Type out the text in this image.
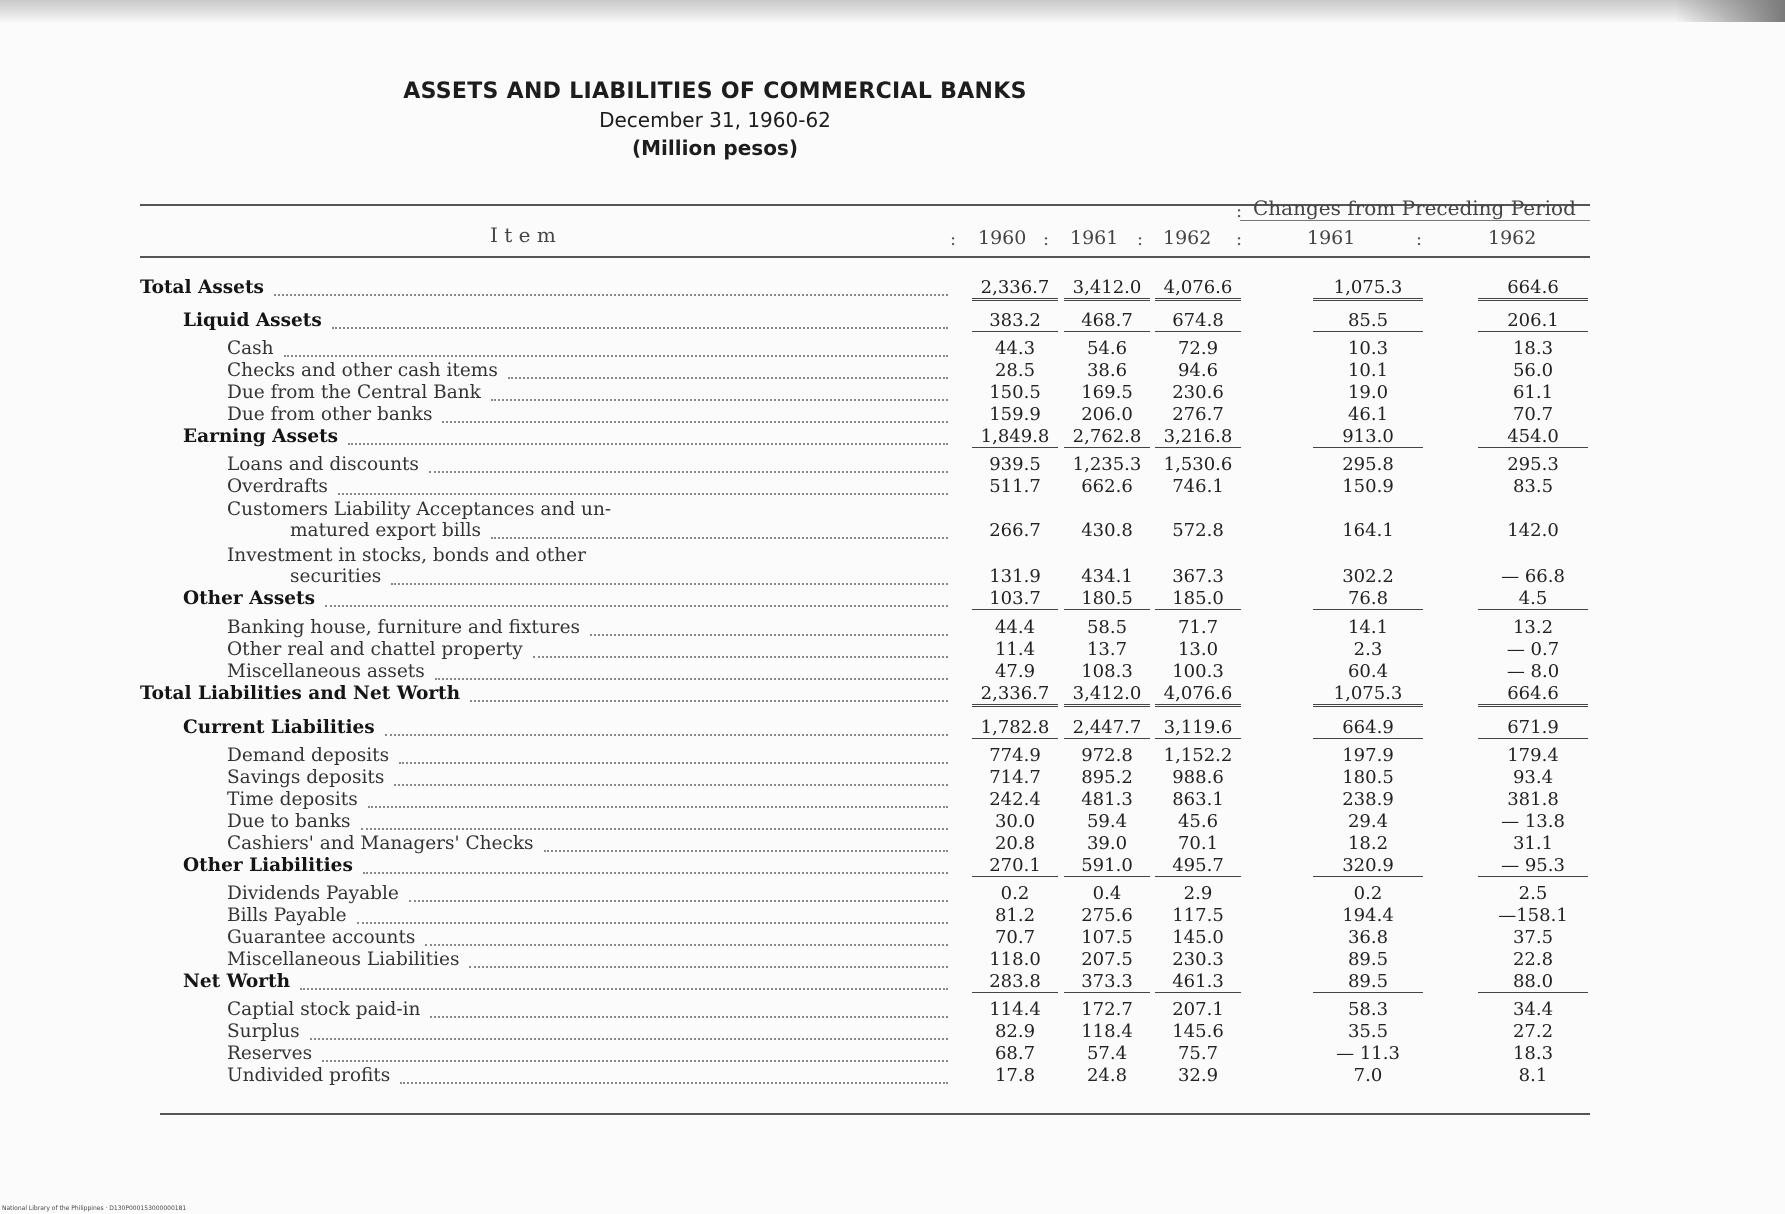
ASSETS AND LIABILITIES OF COMMERCIAL BANKS
December 31, 1960-62
(Million pesos)
I t e m
: Changes from Preceding Period
: 1960 : 1961 : 1962 :	1961	:	1962
Total Assets	2,336.7	3,412.0	4,076.6	1,075.3	664.6
Liquid Assets	383.2	468.7	674.8	85.5	206.1
Cash	44.3	54.6	72.9	10.3	18.3
Checks and other cash items	28.5	38.6	94.6	10.1	56.0
Due from the Central Bank	150.5	169.5	230.6	19.0	61.1
Due from other banks	159.9	206.0	276.7	46.1	70.7
Earning Assets	1,849.8	2,762.8	3,216.8	913.0	454.0
Loans and discounts	939.5	1,235.3	1,530.6	295.8	295.3
Overdrafts	511.7	662.6	746.1	150.9	83.5
Customers Liability Acceptances and un-
matured export bills	266.7	430.8	572.8	164.1	142.0
Investment in stocks, bonds and other
securities	131.9	434.1	367.3	302.2	— 66.8
Other Assets	103.7	180.5	185.0	76.8	4.5
Banking house, furniture and fixtures	44.4	58.5	71.7	14.1	13.2
Other real and chattel property	11.4	13.7	13.0	2.3	— 0.7
Miscellaneous assets	47.9	108.3	100.3	60.4	— 8.0
Total Liabilities and Net Worth	2,336.7	3,412.0	4,076.6	1,075.3	664.6
Current Liabilities	1,782.8	2,447.7	3,119.6	664.9	671.9
Demand deposits	774.9	972.8	1,152.2	197.9	179.4
Savings deposits	714.7	895.2	988.6	180.5	93.4
Time deposits	242.4	481.3	863.1	238.9	381.8
Due to banks	30.0	59.4	45.6	29.4	— 13.8
Cashiers' and Managers' Checks	20.8	39.0	70.1	18.2	31.1
Other Liabilities	270.1	591.0	495.7	320.9	— 95.3
Dividends Payable	0.2	0.4	2.9	0.2	2.5
Bills Payable	81.2	275.6	117.5	194.4	—158.1
Guarantee accounts	70.7	107.5	145.0	36.8	37.5
Miscellaneous Liabilities	118.0	207.5	230.3	89.5	22.8
Net Worth	283.8	373.3	461.3	89.5	88.0
Captial stock paid-in	114.4	172.7	207.1	58.3	34.4
Surplus	82.9	118.4	145.6	35.5	27.2
Reserves	68.7	57.4	75.7	— 11.3	18.3
Undivided profits	17.8	24.8	32.9	7.0	8.1
National Library of the Philippines · D130P000153000000181
